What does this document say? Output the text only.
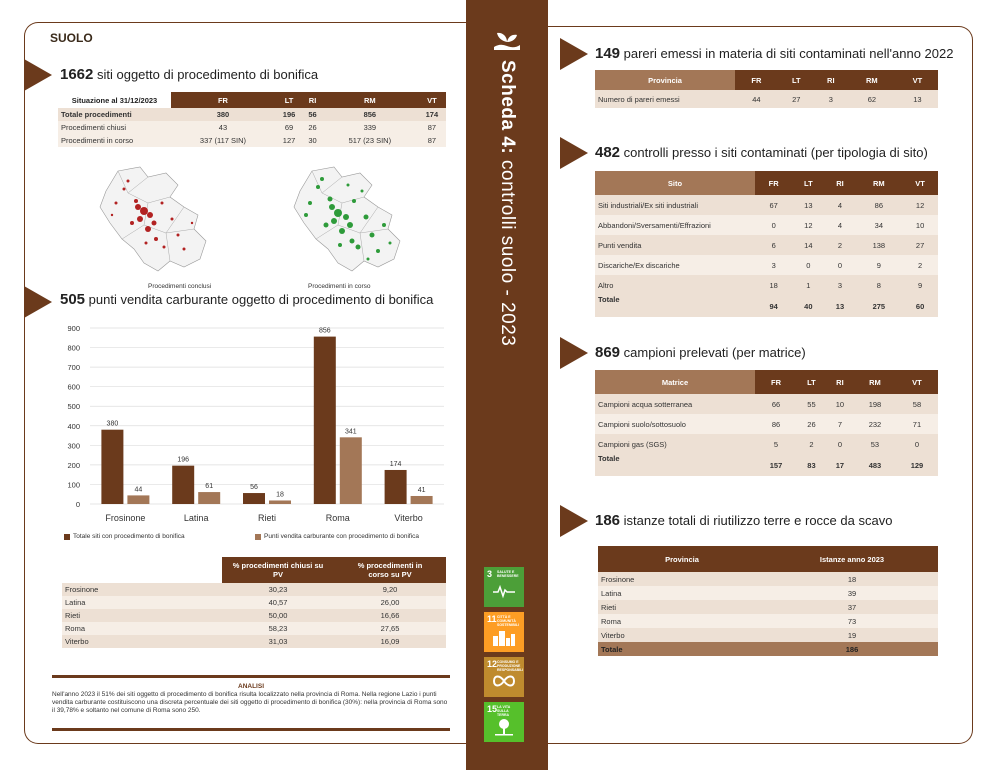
Scheda 4: controlli suolo - 2023
3 SALUTE E BENESSERE
11 CITTÀ E COMUNITÀ SOSTENIBILI
12 CONSUMO E PRODUZIONE RESPONSABILI
15 LA VITA SULLA TERRA
SUOLO
1662 siti oggetto di procedimento di bonifica
Situazione al 31/12/2023	FR	LT	RI	RM	VT
Totale procedimenti	380	196	56	856	174
Procedimenti chiusi	43	69	26	339	87
Procedimenti in corso	337 (117 SIN)	127	30	517 (23 SIN)	87
Procedimenti conclusi	Procedimenti in corso
505 punti vendita carburante oggetto di procedimento di bonifica
0
100
200
300
400
500
600
700
800
900
380
44
Frosinone
196
61
Latina
56
18
Rieti
856
341
Roma
174
41
Viterbo
Totale siti con procedimento di bonifica	Punti vendita carburante con procedimento di bonifica
	% procedimenti chiusi su PV	% procedimenti in corso su PV
Frosinone	30,23	9,20
Latina	40,57	26,00
Rieti	50,00	16,66
Roma	58,23	27,65
Viterbo	31,03	16,09
ANALISI
Nell'anno 2023 il 51% dei siti oggetto di procedimento di bonifica risulta localizzato nella provincia di Roma. Nella regione Lazio i punti vendita carburante costituiscono una discreta percentuale dei siti oggetto di procedimento di bonifica (30%): nella provincia di Roma sono il 39,78% e soltanto nel comune di Roma sono 250.
149 pareri emessi in materia di siti contaminati nell'anno 2022
Provincia	FR	LT	RI	RM	VT
Numero di pareri emessi	44	27	3	62	13
482 controlli presso i siti contaminati (per tipologia di sito)
Sito	FR	LT	RI	RM	VT
Siti industriali/Ex siti industriali	67	13	4	86	12
Abbandoni/Sversamenti/Effrazioni	0	12	4	34	10
Punti vendita	6	14	2	138	27
Discariche/Ex discariche	3	0	0	9	2
Altro	18	1	3	8	9
Totale	94	40	13	275	60
869 campioni prelevati (per matrice)
Matrice	FR	LT	RI	RM	VT
Campioni acqua sotterranea	66	55	10	198	58
Campioni suolo/sottosuolo	86	26	7	232	71
Campioni gas (SGS)	5	2	0	53	0
Totale	157	83	17	483	129
186 istanze totali di riutilizzo terre e rocce da scavo
Provincia	Istanze anno 2023
Frosinone	18
Latina	39
Rieti	37
Roma	73
Viterbo	19
Totale	186
